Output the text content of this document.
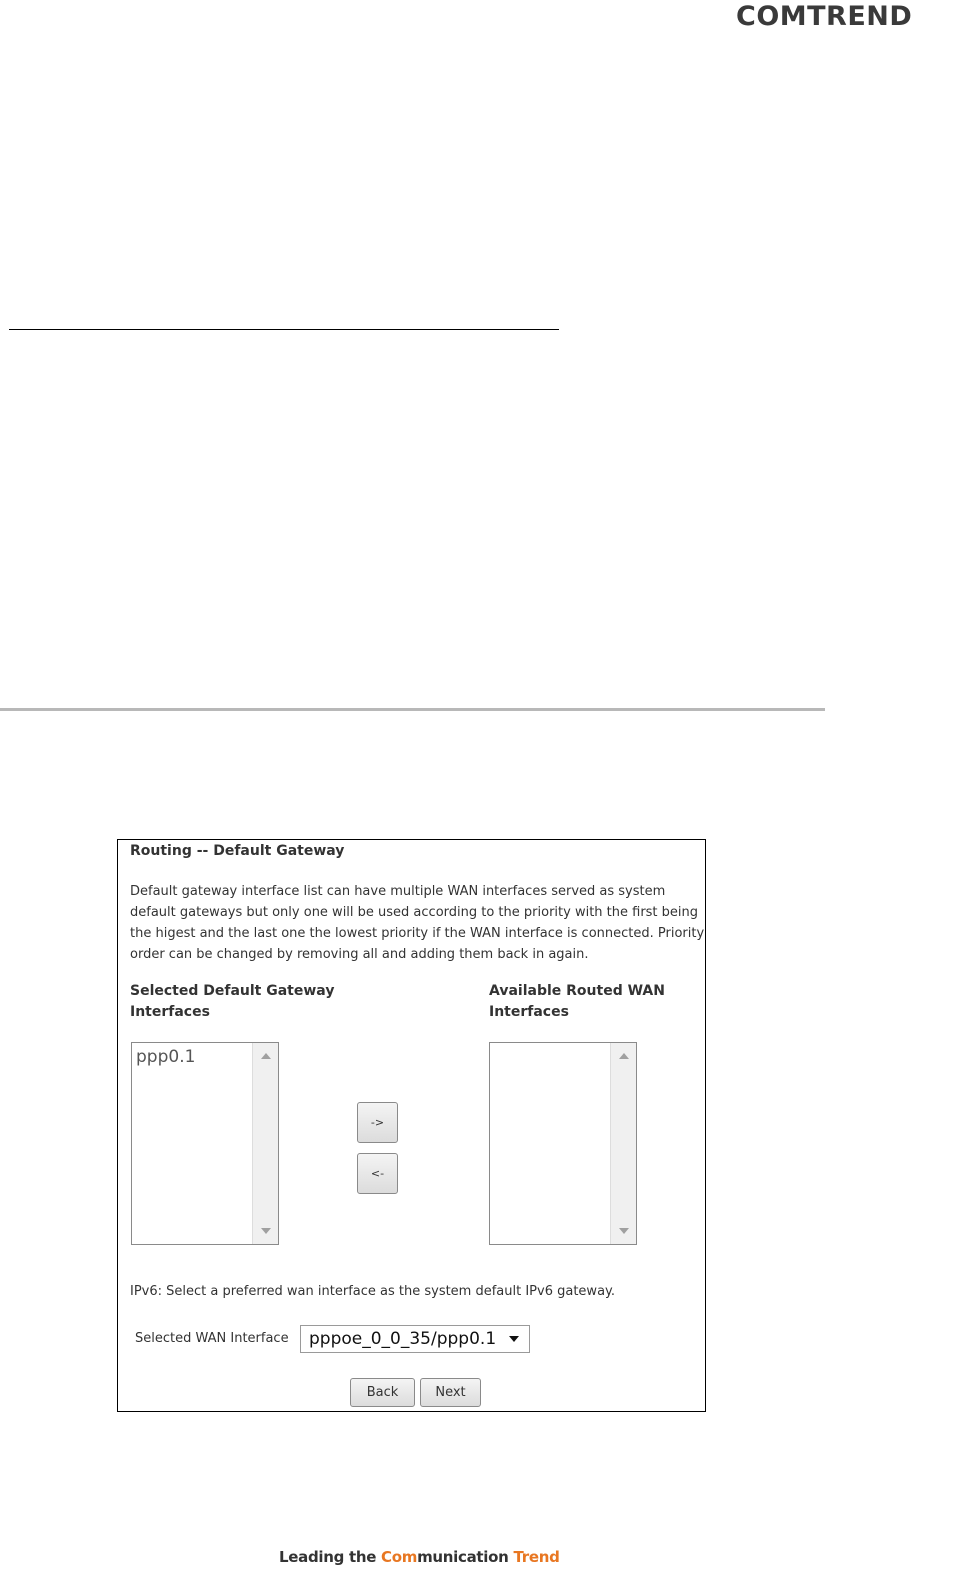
COMTREND
Routing -- Default Gateway
Default gateway interface list can have multiple WAN interfaces served as system default gateways but only one will be used according to the priority with the first being the higest and the last one the lowest priority if the WAN interface is connected. Priority order can be changed by removing all and adding them back in again.
Selected Default Gateway Interfaces
Available Routed WAN Interfaces
ppp0.1
->
<-
IPv6: Select a preferred wan interface as the system default IPv6 gateway.
Selected WAN Interface pppoe_0_0_35/ppp0.1
Back	Next
Leading the Communication Trend
